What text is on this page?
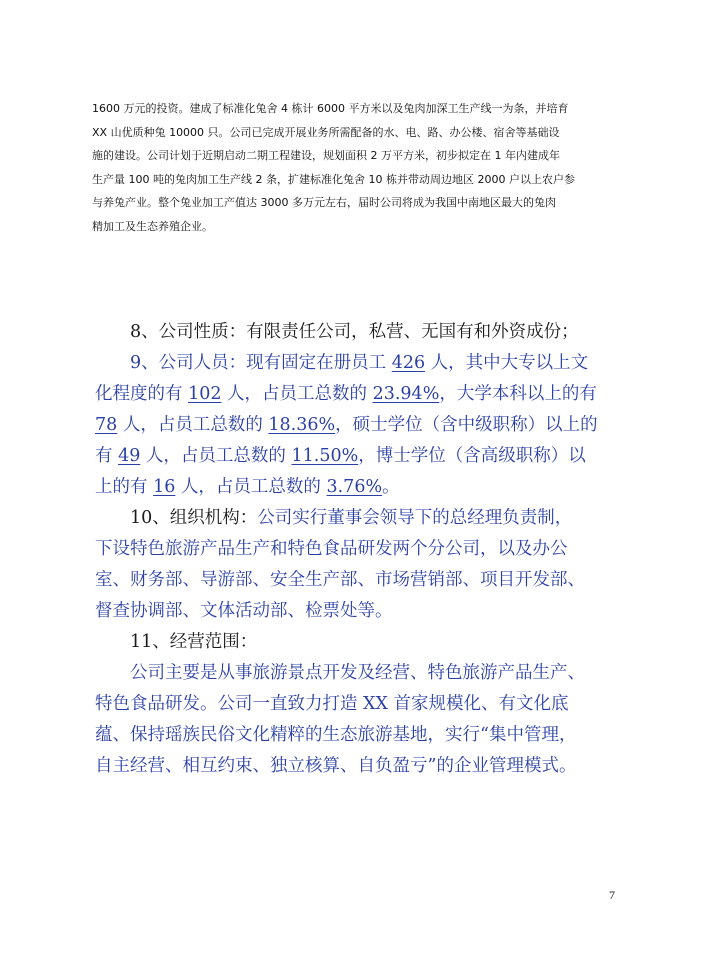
1600 万元的投资。建成了标准化兔舍 4 栋计 6000 平方米以及兔肉加深工生产线一为条，并培育
XX 山优质种兔 10000 只。公司已完成开展业务所需配备的水、电、路、办公楼、宿舍等基础设
施的建设。公司计划于近期启动二期工程建设，规划面积 2 万平方米，初步拟定在 1 年内建成年
生产量 100 吨的兔肉加工生产线 2 条，扩建标准化兔舍 10 栋并带动周边地区 2000 户以上农户参
与养兔产业。整个兔业加工产值达 3000 多万元左右，届时公司将成为我国中南地区最大的兔肉
精加工及生态养殖企业。
8、公司性质：有限责任公司，私营、无国有和外资成份；
9、公司人员：现有固定在册员工 426 人，其中大专以上文
化程度的有 102 人，占员工总数的 23.94%，大学本科以上的有
78 人，占员工总数的 18.36%，硕士学位（含中级职称）以上的
有 49 人，占员工总数的 11.50%，博士学位（含高级职称）以
上的有 16 人，占员工总数的 3.76%。
10、组织机构：公司实行董事会领导下的总经理负责制，
下设特色旅游产品生产和特色食品研发两个分公司，以及办公
室、财务部、导游部、安全生产部、市场营销部、项目开发部、
督查协调部、文体活动部、检票处等。
11、经营范围：
公司主要是从事旅游景点开发及经营、特色旅游产品生产、
特色食品研发。公司一直致力打造 XX 首家规模化、有文化底
蕴、保持瑶族民俗文化精粹的生态旅游基地，实行“集中管理，
自主经营、相互约束、独立核算、自负盈亏”的企业管理模式。
7
